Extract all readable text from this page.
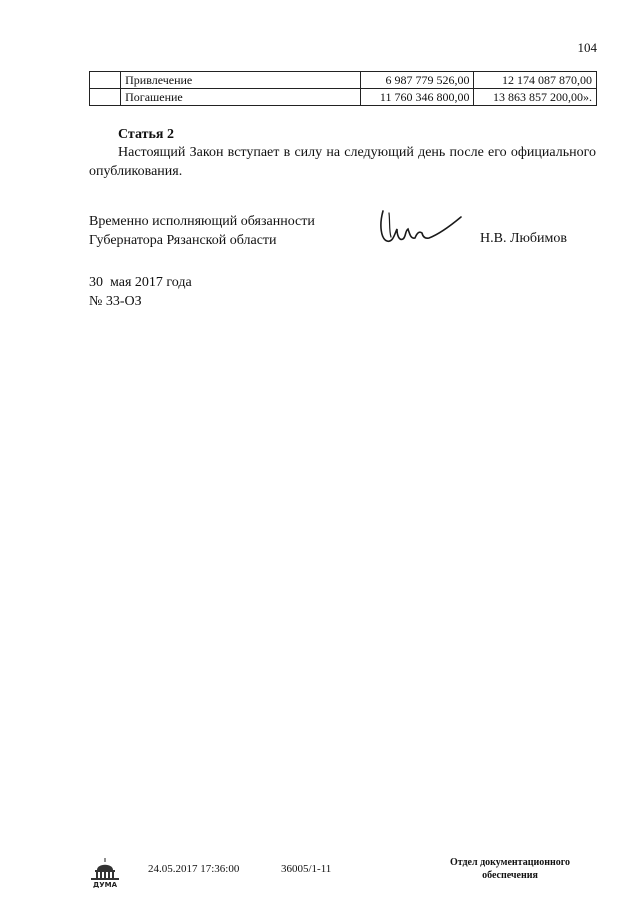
104
	Привлечение	6 987 779 526,00	12 174 087 870,00
	Погашение	11 760 346 800,00	13 863 857 200,00».
Статья 2

Настоящий Закон вступает в силу на следующий день после его официального опубликования.

Временно исполняющий обязанности
Губернатора Рязанской области	Н.В. Любимов
30  мая 2017 года
№ 33-ОЗ
ДУМА
24.05.2017 17:36:00	36005/1-11
Отдел документационного
обеспечения
